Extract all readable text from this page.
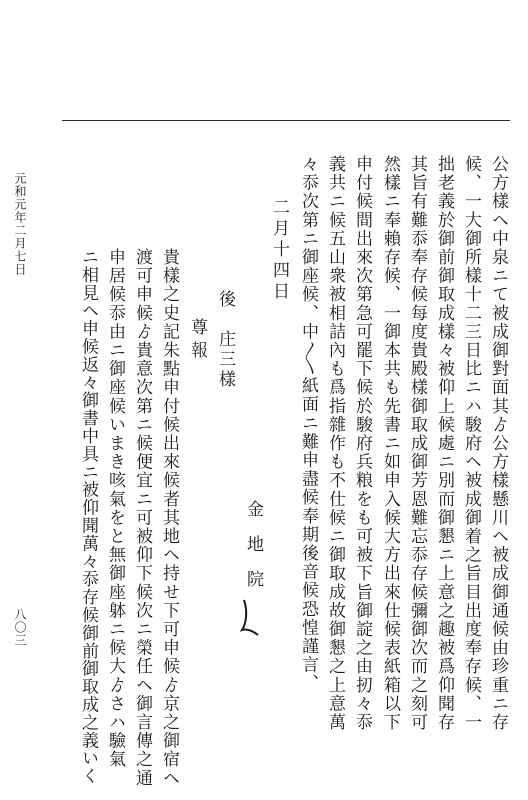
元和元年二月七日
八〇三	公方樣ヘ中泉ニて被成御對面其ゟ公方樣懸川ヘ被成御通候由珍重ニ存
候、一大御所樣十二三日比ニハ駿府ヘ被成御着之旨目出度奉存候、一
拙老義於御前御取成樣々被仰上候處ニ別而御懇ニ上意之趣被爲仰聞存
其旨有難忝奉存候每度貴殿樣御取成御芳恩難忘忝存候彌御次而之刻可
然樣ニ奉賴存候、一御本共も先書ニ如申入候大方出來仕候表紙箱以下
申付候間出來次第急可罷下候於駿府兵粮をも可被下旨御諚之由扨々忝
義共ニ候五山衆被相詰內も爲指雜作も不仕候ニ御取成故御懇之上意萬
々忝次第ニ御座候、中〳〵紙面ニ難申盡候奉期後音候恐惶謹言、
二月十四日
金地院
後　庄三樣
尊報
貴樣之史記朱點申付候出來候者其地ヘ持せ下可申候ゟ京之御宿ヘ
渡可申候ゟ貴意次第ニ候便宜ニ可被仰下候次ニ榮任ヘ御言傳之通
申居候忝由ニ御座候いまき咳氣をと無御座躰ニ候大ゟさハ驗氣
ニ相見ヘ申候返々御書中具ニ被仰聞萬々忝存候御前御取成之義いく
